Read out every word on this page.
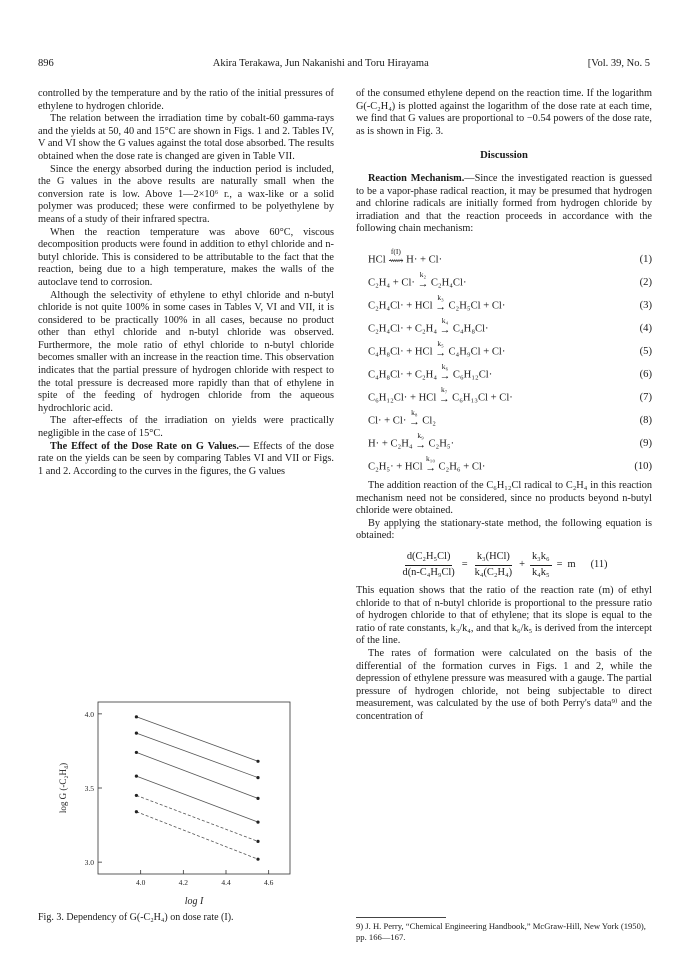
896	Akira Terakawa, Jun Nakanishi and Toru Hirayama	[Vol. 39, No. 5

controlled by the temperature and by the ratio of the initial pressures of ethylene to hydrogen chloride.

The relation between the irradiation time by cobalt-60 gamma-rays and the yields at 50, 40 and 15°C are shown in Figs. 1 and 2. Tables IV, V and VI show the G values against the total dose absorbed. The results obtained when the dose rate is changed are given in Table VII.

Since the energy absorbed during the induction period is included, the G values in the above results are naturally small when the conversion rate is low. Above 1—2×10⁶ r., a wax-like or a solid polymer was produced; these were confirmed to be polyethylene by means of a study of their infrared spectra.

When the reaction temperature was above 60°C, viscous decomposition products were found in addition to ethyl chloride and n-butyl chloride. This is considered to be attributable to the fact that the reaction, being due to a high temperature, makes the walls of the autoclave tend to corrosion.

Although the selectivity of ethylene to ethyl chloride and n-butyl chloride is not quite 100% in some cases in Tables V, VI and VII, it is considered to be practically 100% in all cases, because no product other than ethyl chloride and n-butyl chloride was observed. Furthermore, the mole ratio of ethyl chloride to n-butyl chloride becomes smaller with an increase in the reaction time. This observation indicates that the partial pressure of hydrogen chloride with respect to the total pressure is decreased more rapidly than that of ethylene in spite of the feeding of hydrogen chloride from the aqueous hydrochloric acid.

The after-effects of the irradiation on yields were practically negligible in the case of 15°C.

The Effect of the Dose Rate on G Values.— Effects of the dose rate on the yields can be seen by comparing Tables VI and VII or Figs. 1 and 2. According to the curves in the figures, the G values

of the consumed ethylene depend on the reaction time. If the logarithm G(-C₂H₄) is plotted against the logarithm of the dose rate at each time, we find that G values are proportional to −0.54 powers of the dose rate, as is shown in Fig. 3.

Discussion

Reaction Mechanism.—Since the investigated reaction is guessed to be a vapor-phase radical reaction, it may be presumed that hydrogen and chlorine radicals are initially formed from hydrogen chloride by irradiation and that the reaction proceeds in accordance with the following chain mechanism:

HCl
f(I)
⟿ H· + Cl·	(1)
C₂H₄ + Cl·
k₂
→ C₂H₄Cl·	(2)
C₂H₄Cl· + HCl
k₃
→ C₂H₅Cl + Cl·	(3)
C₂H₄Cl· + C₂H₄
k₄
→ C₄H₈Cl·	(4)
C₄H₈Cl· + HCl
k₅
→ C₄H₉Cl + Cl·	(5)
C₄H₈Cl· + C₂H₄
k₆
→ C₆H₁₂Cl·	(6)
C₆H₁₂Cl· + HCl
k₇
→ C₆H₁₃Cl + Cl·	(7)
Cl· + Cl·
k₈
→ Cl₂	(8)
H· + C₂H₄
k₉
→ C₂H₅·	(9)
C₂H₅· + HCl
k₁₀
→ C₂H₆ + Cl·	(10)

The addition reaction of the C₆H₁₂Cl radical to C₂H₄ in this reaction mechanism need not be considered, since no products beyond n-butyl chloride were obtained.

By applying the stationary-state method, the following equation is obtained:

$\frac{\text{d(C₂H₅Cl)}}{\text{d(n-C₄H₉Cl)}} = \frac{\text{k₃(HCl)}}{\text{k₄(C₂H₄)}} + \frac{\text{k₃k₆}}{\text{k₄k₅}} = m$ (11)

This equation shows that the ratio of the reaction rate (m) of ethyl chloride to that of n-butyl chloride is proportional to the pressure ratio of hydrogen chloride to that of ethylene; that its slope is equal to the ratio of rate constants, k₃/k₄, and that k₆/k₅ is derived from the intercept of the line.

The rates of formation were calculated on the basis of the differential of the formation curves in Figs. 1 and 2, while the depression of ethylene pressure was measured with a gauge. The partial pressure of hydrogen chloride, not being subjectable to direct measurement, was calculated by the use of both Perry's data⁹⁾ and the concentration of

4.0	4.2	4.4	4.6
3.0
3.5
4.0
log I
log G (-C₂H₄)
Fig. 3. Dependency of G(-C₂H₄) on dose rate (I).
9) J. H. Perry, “Chemical Engineering Handbook,” McGraw-Hill, New York (1950), pp. 166—167.
